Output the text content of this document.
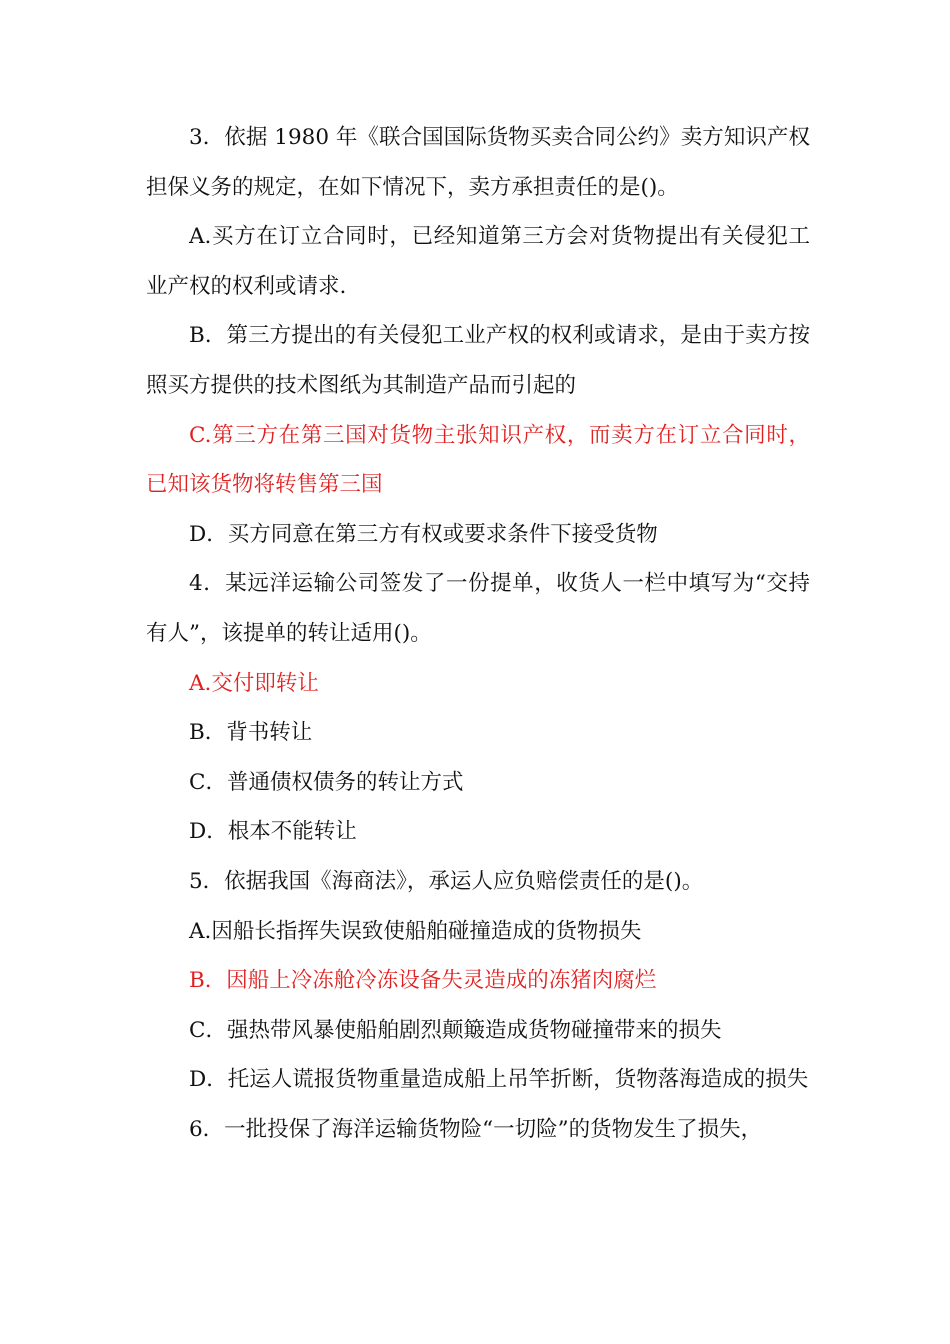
3．依据 1980 年《联合国国际货物买卖合同公约》卖方知识产权担保义务的规定，在如下情况下，卖方承担责任的是()。

A.买方在订立合同时，已经知道第三方会对货物提出有关侵犯工业产权的权利或请求.

B．第三方提出的有关侵犯工业产权的权利或请求，是由于卖方按照买方提供的技术图纸为其制造产品而引起的

C.第三方在第三国对货物主张知识产权，而卖方在订立合同时，已知该货物将转售第三国

D．买方同意在第三方有权或要求条件下接受货物

4．某远洋运输公司签发了一份提单，收货人一栏中填写为“交持有人”，该提单的转让适用()。

A.交付即转让

B．背书转让

C．普通债权债务的转让方式

D．根本不能转让

5．依据我国《海商法》，承运人应负赔偿责任的是()。

A.因船长指挥失误致使船舶碰撞造成的货物损失

B．因船上冷冻舱冷冻设备失灵造成的冻猪肉腐烂

C．强热带风暴使船舶剧烈颠簸造成货物碰撞带来的损失

D．托运人谎报货物重量造成船上吊竿折断，货物落海造成的损失

6．一批投保了海洋运输货物险“一切险”的货物发生了损失，
